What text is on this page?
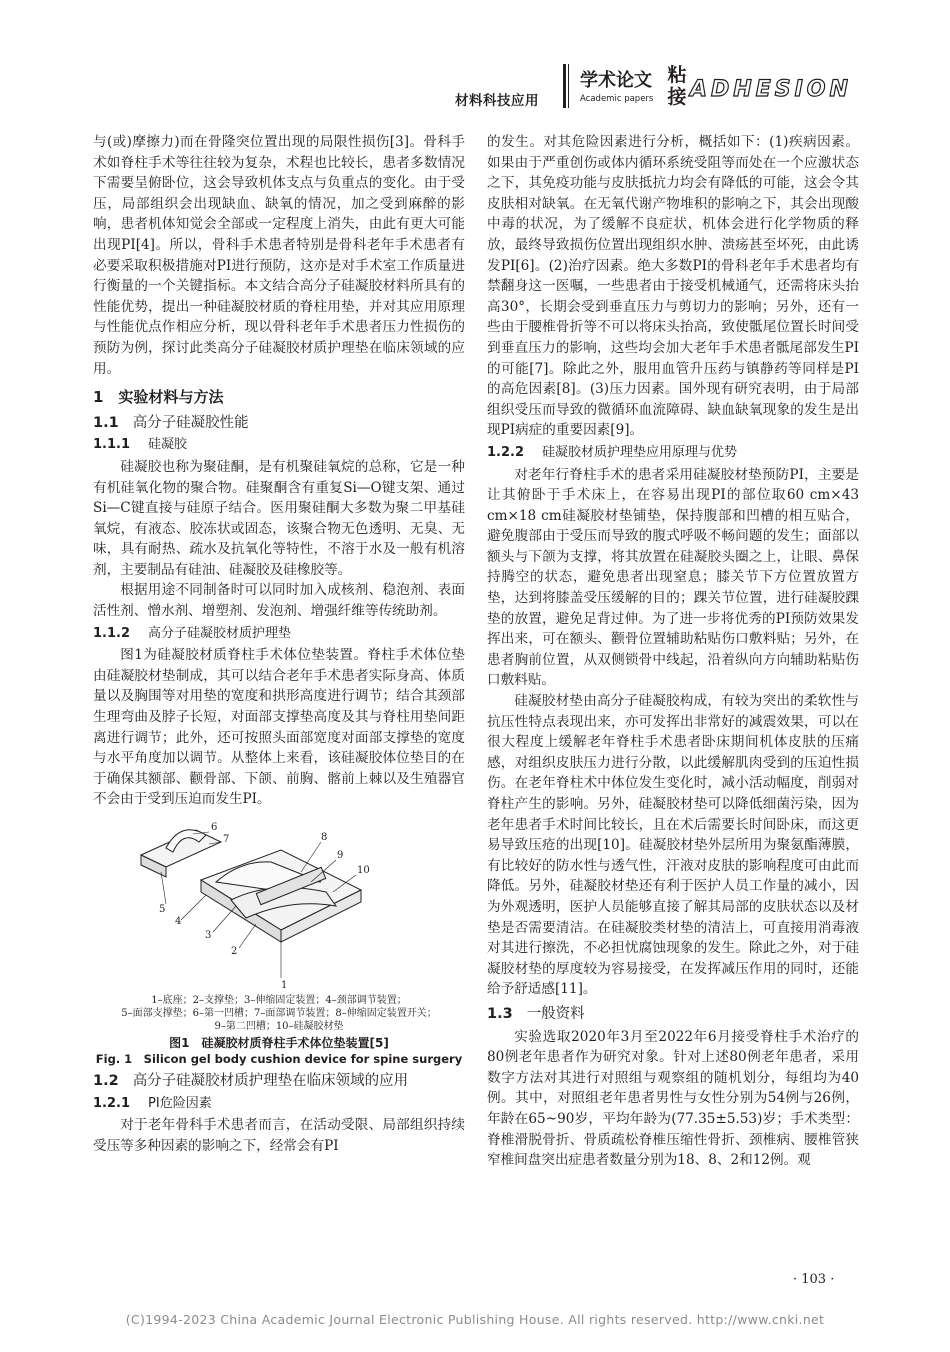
材料科技应用
学术论文
Academic papers
粘接 ADHESION

与(或)摩擦力)而在骨隆突位置出现的局限性损伤[3]。骨科手术如脊柱手术等往往较为复杂，术程也比较长，患者多数情况下需要呈俯卧位，这会导致机体支点与负重点的变化。由于受压，局部组织会出现缺血、缺氧的情况，加之受到麻醉的影响，患者机体知觉会全部或一定程度上消失，由此有更大可能出现PI[4]。所以，骨科手术患者特别是骨科老年手术患者有必要采取积极措施对PI进行预防，这亦是对手术室工作质量进行衡量的一个关键指标。本文结合高分子硅凝胶材料所具有的性能优势，提出一种硅凝胶材质的脊柱用垫，并对其应用原理与性能优点作相应分析，现以骨科老年手术患者压力性损伤的预防为例，探讨此类高分子硅凝胶材质护理垫在临床领域的应用。

1　实验材料与方法
1.1 高分子硅凝胶性能
1.1.1 硅凝胶

硅凝胶也称为聚硅酮，是有机聚硅氧烷的总称，它是一种有机硅氧化物的聚合物。硅聚酮含有重复Si—O键支架、通过Si—C键直接与硅原子结合。医用聚硅酮大多数为聚二甲基硅氧烷，有液态、胶冻状或固态，该聚合物无色透明、无臭、无味，具有耐热、疏水及抗氧化等特性，不溶于水及一般有机溶剂，主要制品有硅油、硅凝胶及硅橡胶等。

根据用途不同制备时可以同时加入成核剂、稳泡剂、表面活性剂、憎水剂、增塑剂、发泡剂、增强纤维等传统助剂。

1.1.2 高分子硅凝胶材质护理垫

图1为硅凝胶材质脊柱手术体位垫装置。脊柱手术体位垫由硅凝胶材垫制成，其可以结合老年手术患者实际身高、体质量以及胸围等对用垫的宽度和拱形高度进行调节；结合其颈部生理弯曲及脖子长短，对面部支撑垫高度及其与脊柱用垫间距离进行调节；此外，还可按照头面部宽度对面部支撑垫的宽度与水平角度加以调节。从整体上来看，该硅凝胶体位垫目的在于确保其额部、颧骨部、下颌、前胸、髂前上棘以及生殖器官不会由于受到压迫而发生PI。

1
2
3
4
5
6
7	8
9
10
1–底座；2–支撑垫；3–伸缩固定装置；4–颈部调节装置；
5–面部支撑垫；6–第一凹槽；7–面部调节装置；8–伸缩固定装置开关；
9–第二凹槽；10–硅凝胶材垫
图1　硅凝胶材质脊柱手术体位垫装置[5]
Fig. 1　Silicon gel body cushion device for spine surgery
1.2 高分子硅凝胶材质护理垫在临床领域的应用
1.2.1 PI危险因素

对于老年骨科手术患者而言，在活动受限、局部组织持续受压等多种因素的影响之下，经常会有PI

的发生。对其危险因素进行分析，概括如下：(1)疾病因素。如果由于严重创伤或体内循环系统受阻等而处在一个应激状态之下，其免疫功能与皮肤抵抗力均会有降低的可能，这会令其皮肤相对缺氧。在无氧代谢产物堆积的影响之下，其会出现酸中毒的状况，为了缓解不良症状，机体会进行化学物质的释放，最终导致损伤位置出现组织水肿、溃疡甚至坏死，由此诱发PI[6]。(2)治疗因素。绝大多数PI的骨科老年手术患者均有禁翻身这一医嘱，一些患者由于接受机械通气，还需将床头抬高30°，长期会受到垂直压力与剪切力的影响；另外，还有一些由于腰椎骨折等不可以将床头抬高，致使骶尾位置长时间受到垂直压力的影响，这些均会加大老年手术患者骶尾部发生PI的可能[7]。除此之外，服用血管升压药与镇静药等同样是PI的高危因素[8]。(3)压力因素。国外现有研究表明，由于局部组织受压而导致的微循环血流障碍、缺血缺氧现象的发生是出现PI病症的重要因素[9]。

1.2.2 硅凝胶材质护理垫应用原理与优势

对老年行脊柱手术的患者采用硅凝胶材垫预防PI，主要是让其俯卧于手术床上，在容易出现PI的部位取60 cm×43 cm×18 cm硅凝胶材垫铺垫，保持腹部和凹槽的相互贴合，避免腹部由于受压而导致的腹式呼吸不畅问题的发生；面部以额头与下颌为支撑，将其放置在硅凝胶头圈之上，让眼、鼻保持腾空的状态，避免患者出现窒息；膝关节下方位置放置方垫，达到将膝盖受压缓解的目的；踝关节位置，进行硅凝胶踝垫的放置，避免足背过伸。为了进一步将优秀的PI预防效果发挥出来，可在额头、颧骨位置辅助粘贴伤口敷料贴；另外，在患者胸前位置，从双侧锁骨中线起，沿着纵向方向辅助粘贴伤口敷料贴。

硅凝胶材垫由高分子硅凝胶构成，有较为突出的柔软性与抗压性特点表现出来，亦可发挥出非常好的减震效果，可以在很大程度上缓解老年脊柱手术患者卧床期间机体皮肤的压痛感，对组织皮肤压力进行分散，以此缓解肌肉受到的压迫性损伤。在老年脊柱术中体位发生变化时，减小活动幅度，削弱对脊柱产生的影响。另外，硅凝胶材垫可以降低细菌污染，因为老年患者手术时间比较长，且在术后需要长时间卧床，而这更易导致压疮的出现[10]。硅凝胶材垫外层所用为聚氨酯薄膜，有比较好的防水性与透气性，汗液对皮肤的影响程度可由此而降低。另外，硅凝胶材垫还有利于医护人员工作量的减小，因为外观透明，医护人员能够直接了解其局部的皮肤状态以及材垫是否需要清洁。在硅凝胶类材垫的清洁上，可直接用消毒液对其进行擦洗，不必担忧腐蚀现象的发生。除此之外，对于硅凝胶材垫的厚度较为容易接受，在发挥减压作用的同时，还能给予舒适感[11]。

1.3 一般资料

实验选取2020年3月至2022年6月接受脊柱手术治疗的80例老年患者作为研究对象。针对上述80例老年患者，采用数字方法对其进行对照组与观察组的随机划分，每组均为40例。其中，对照组老年患者男性与女性分别为54例与26例，年龄在65~90岁，平均年龄为(77.35±5.53)岁；手术类型：脊椎滑脱骨折、骨质疏松脊椎压缩性骨折、颈椎病、腰椎管狭窄椎间盘突出症患者数量分别为18、8、2和12例。观

· 103 ·
(C)1994-2023 China Academic Journal Electronic Publishing House. All rights reserved. http://www.cnki.net
